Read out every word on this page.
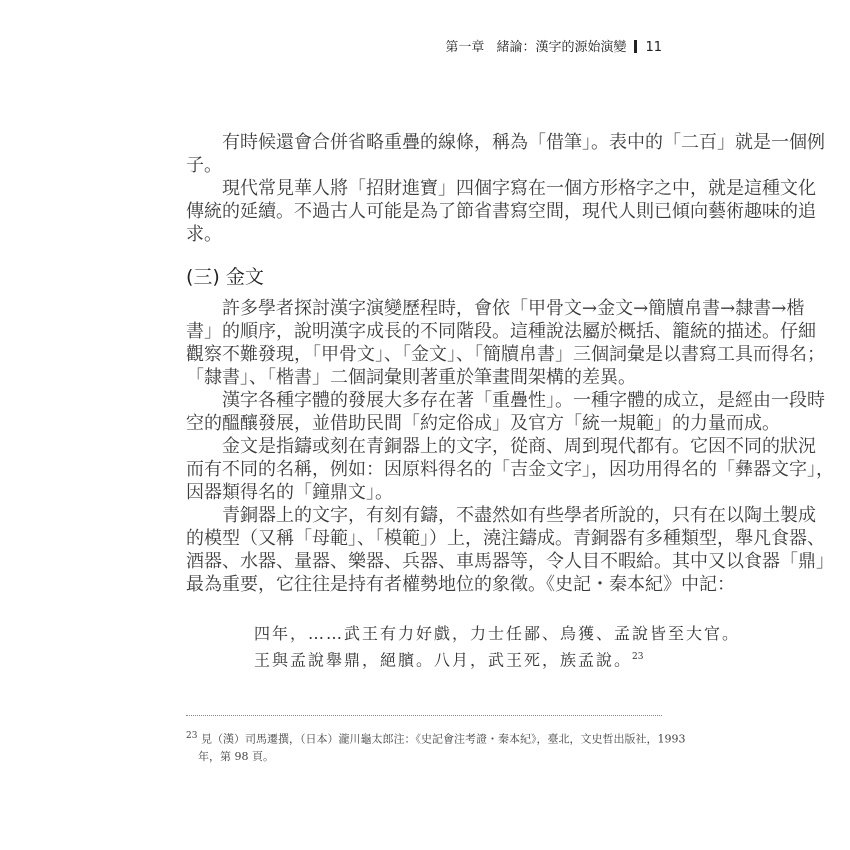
第一章 緒論：漢字的源始演變 11
有時候還會合併省略重疊的線條，稱為「借筆」。表中的「二百」就是一個例
子。
現代常見華人將「招財進寶」四個字寫在一個方形格字之中，就是這種文化
傳統的延續。不過古人可能是為了節省書寫空間，現代人則已傾向藝術趣味的追
求。
(三) 金文
許多學者探討漢字演變歷程時，會依「甲骨文→金文→簡牘帛書→隸書→楷
書」的順序，說明漢字成長的不同階段。這種說法屬於概括、籠統的描述。仔細
觀察不難發現，「甲骨文」、「金文」、「簡牘帛書」三個詞彙是以書寫工具而得名；
「隸書」、「楷書」二個詞彙則著重於筆畫間架構的差異。
漢字各種字體的發展大多存在著「重疊性」。一種字體的成立，是經由一段時
空的醞釀發展，並借助民間「約定俗成」及官方「統一規範」的力量而成。
金文是指鑄或刻在青銅器上的文字，從商、周到現代都有。它因不同的狀況
而有不同的名稱，例如：因原料得名的「吉金文字」，因功用得名的「彝器文字」，
因器類得名的「鐘鼎文」。
青銅器上的文字，有刻有鑄，不盡然如有些學者所說的，只有在以陶土製成
的模型（又稱「母範」、「模範」）上，澆注鑄成。青銅器有多種類型，舉凡食器、
酒器、水器、量器、樂器、兵器、車馬器等，令人目不暇給。其中又以食器「鼎」
最為重要，它往往是持有者權勢地位的象徵。《史記・秦本紀》中記：
四年，……武王有力好戲，力士任鄙、烏獲、孟說皆至大官。
王與孟說舉鼎，絕臏。八月，武王死，族孟說。$^{23}$
$^{23}$ 見（漢）司馬遷撰，（日本）瀧川龜太郎注：《史記會注考證・秦本紀》，臺北，文史哲出版社，1993
年，第 98 頁。
